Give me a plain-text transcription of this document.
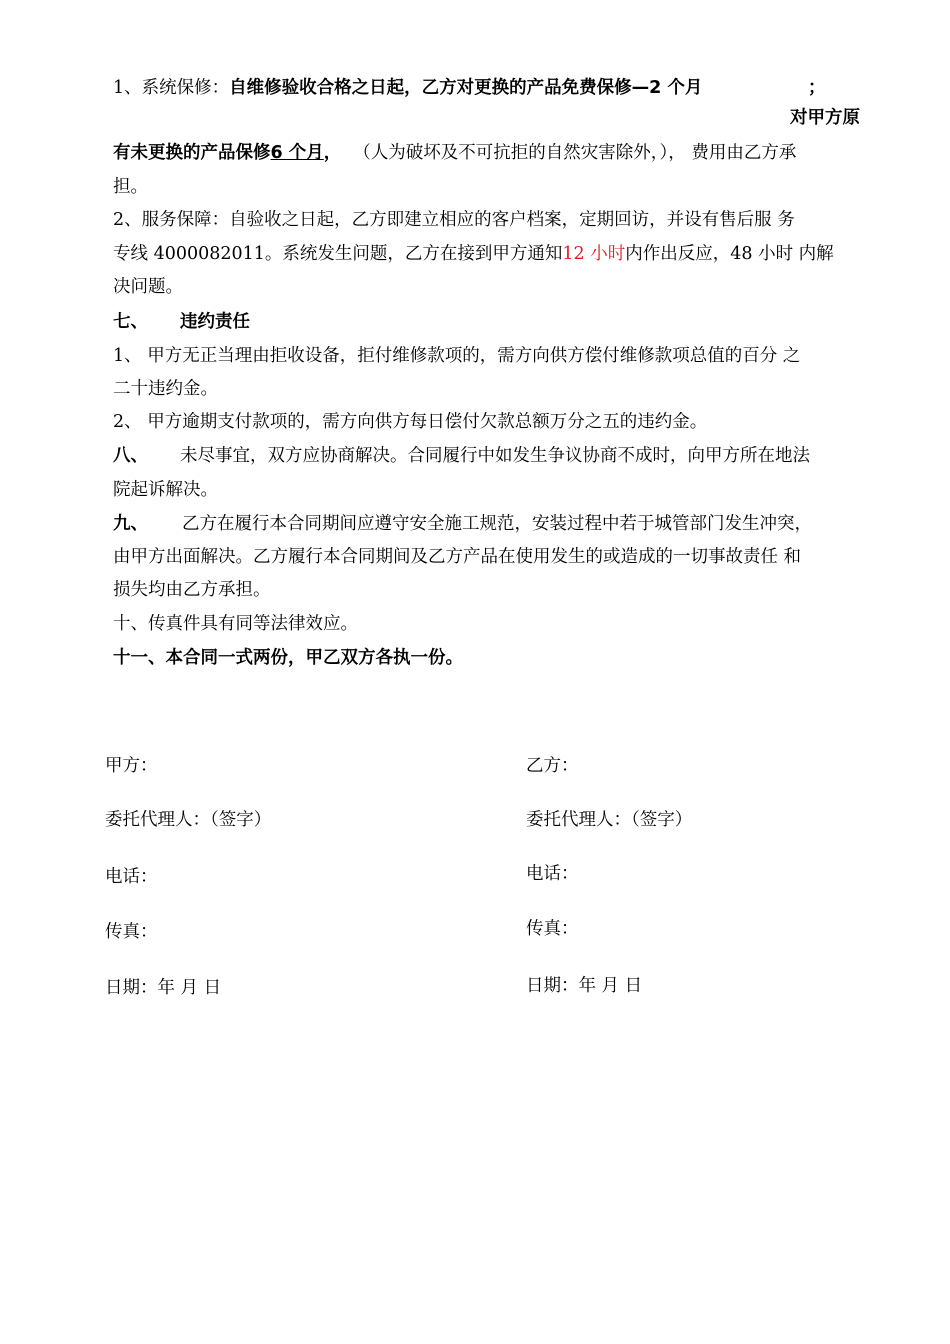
1、系统保修：自维修验收合格之日起，乙方对更换的产品免费保修—2 个月	；
对甲方原
有未更换的产品保修6 个月， （人为破坏及不可抗拒的自然灾害除外，）， 费用由乙方承
担。
2、服务保障：自验收之日起，乙方即建立相应的客户档案，定期回访，并设有售后服 务
专线 4000082011。系统发生问题，乙方在接到甲方通知12 小时内作出反应，48 小时 内解
决问题。
七、 违约责任
1、 甲方无正当理由拒收设备，拒付维修款项的，需方向供方偿付维修款项总值的百分 之
二十违约金。
2、 甲方逾期支付款项的，需方向供方每日偿付欠款总额万分之五的违约金。
八、 未尽事宜，双方应协商解决。合同履行中如发生争议协商不成时，向甲方所在地法
院起诉解决。
九、 乙方在履行本合同期间应遵守安全施工规范，安装过程中若于城管部门发生冲突，
由甲方出面解决。乙方履行本合同期间及乙方产品在使用发生的或造成的一切事故责任 和
损失均由乙方承担。
十、传真件具有同等法律效应。
十一、本合同一式两份，甲乙双方各执一份。
甲方：
委托代理人：（签字）
电话：
传真：
日期：年 月 日
乙方：
委托代理人：（签字）
电话：
传真：
日期：年 月 日
